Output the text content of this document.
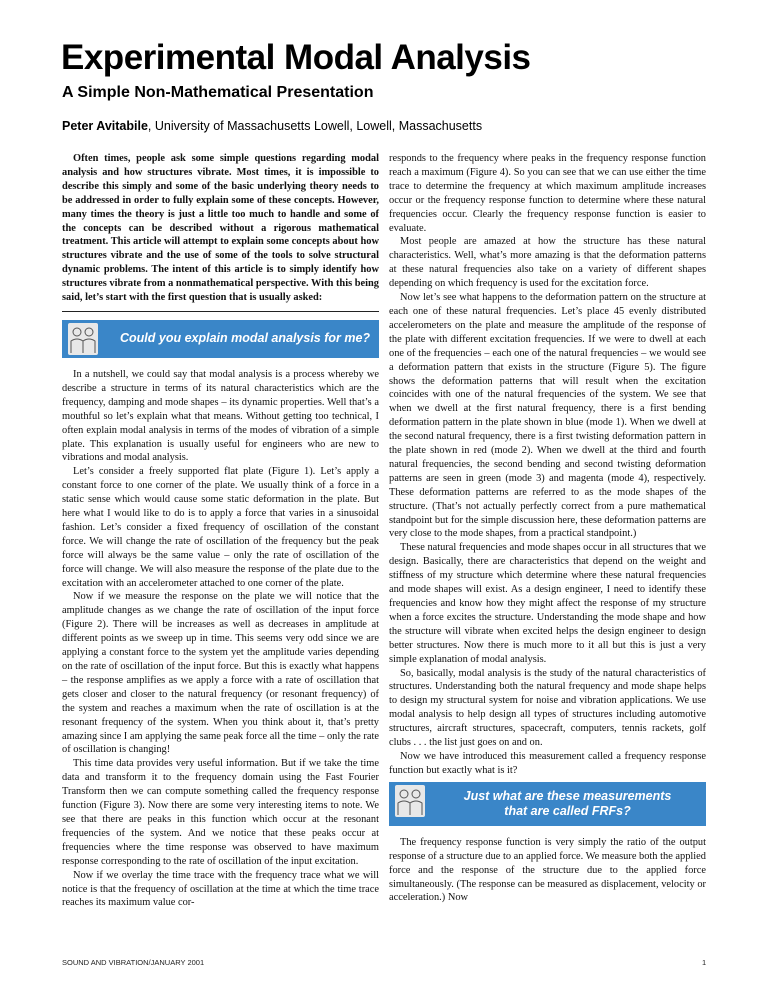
Experimental Modal Analysis
A Simple Non-Mathematical Presentation
Peter Avitabile, University of Massachusetts Lowell, Lowell, Massachusetts

Often times, people ask some simple questions regarding modal analysis and how structures vibrate. Most times, it is impossible to describe this simply and some of the basic underlying theory needs to be addressed in order to fully explain some of these concepts. However, many times the theory is just a little too much to handle and some of the concepts can be described without a rigorous mathematical treatment. This article will attempt to explain some concepts about how structures vibrate and the use of some of the tools to solve structural dynamic problems. The intent of this article is to simply identify how structures vibrate from a nonmathematical perspective. With this being said, let’s start with the first question that is usually asked:

Could you explain modal analysis for me?

In a nutshell, we could say that modal analysis is a process whereby we describe a structure in terms of its natural characteristics which are the frequency, damping and mode shapes – its dynamic properties. Well that’s a mouthful so let’s explain what that means. Without getting too technical, I often explain modal analysis in terms of the modes of vibration of a simple plate. This explanation is usually useful for engineers who are new to vibrations and modal analysis.

Let’s consider a freely supported flat plate (Figure 1). Let’s apply a constant force to one corner of the plate. We usually think of a force in a static sense which would cause some static deformation in the plate. But here what I would like to do is to apply a force that varies in a sinusoidal fashion. Let’s consider a fixed frequency of oscillation of the constant force. We will change the rate of oscillation of the frequency but the peak force will always be the same value – only the rate of oscillation of the force will change. We will also measure the response of the plate due to the excitation with an accelerometer attached to one corner of the plate.

Now if we measure the response on the plate we will notice that the amplitude changes as we change the rate of oscillation of the input force (Figure 2). There will be increases as well as decreases in amplitude at different points as we sweep up in time. This seems very odd since we are applying a constant force to the system yet the amplitude varies depending on the rate of oscillation of the input force. But this is exactly what happens – the response amplifies as we apply a force with a rate of oscillation that gets closer and closer to the natural frequency (or resonant frequency) of the system and reaches a maximum when the rate of oscillation is at the resonant frequency of the system. When you think about it, that’s pretty amazing since I am applying the same peak force all the time – only the rate of oscillation is changing!

This time data provides very useful information. But if we take the time data and transform it to the frequency domain using the Fast Fourier Transform then we can compute something called the frequency response function (Figure 3). Now there are some very interesting items to note. We see that there are peaks in this function which occur at the resonant frequencies of the system. And we notice that these peaks occur at frequencies where the time response was observed to have maximum response corresponding to the rate of oscillation of the input excitation.

Now if we overlay the time trace with the frequency trace what we will notice is that the frequency of oscillation at the time at which the time trace reaches its maximum value cor-

responds to the frequency where peaks in the frequency response function reach a maximum (Figure 4). So you can see that we can use either the time trace to determine the frequency at which maximum amplitude increases occur or the frequency response function to determine where these natural frequencies occur. Clearly the frequency response function is easier to evaluate.

Most people are amazed at how the structure has these natural characteristics. Well, what’s more amazing is that the deformation patterns at these natural frequencies also take on a variety of different shapes depending on which frequency is used for the excitation force.

Now let’s see what happens to the deformation pattern on the structure at each one of these natural frequencies. Let’s place 45 evenly distributed accelerometers on the plate and measure the amplitude of the response of the plate with different excitation frequencies. If we were to dwell at each one of the frequencies – each one of the natural frequencies – we would see a deformation pattern that exists in the structure (Figure 5). The figure shows the deformation patterns that will result when the excitation coincides with one of the natural frequencies of the system. We see that when we dwell at the first natural frequency, there is a first bending deformation pattern in the plate shown in blue (mode 1). When we dwell at the second natural frequency, there is a first twisting deformation pattern in the plate shown in red (mode 2). When we dwell at the third and fourth natural frequencies, the second bending and second twisting deformation patterns are seen in green (mode 3) and magenta (mode 4), respectively. These deformation patterns are referred to as the mode shapes of the structure. (That’s not actually perfectly correct from a pure mathematical standpoint but for the simple discussion here, these deformation patterns are very close to the mode shapes, from a practical standpoint.)

These natural frequencies and mode shapes occur in all structures that we design. Basically, there are characteristics that depend on the weight and stiffness of my structure which determine where these natural frequencies and mode shapes will exist. As a design engineer, I need to identify these frequencies and know how they might affect the response of my structure when a force excites the structure. Understanding the mode shape and how the structure will vibrate when excited helps the design engineer to design better structures. Now there is much more to it all but this is just a very simple explanation of modal analysis.

So, basically, modal analysis is the study of the natural characteristics of structures. Understanding both the natural frequency and mode shape helps to design my structural system for noise and vibration applications. We use modal analysis to help design all types of structures including automotive structures, aircraft structures, spacecraft, computers, tennis rackets, golf clubs . . . the list just goes on and on.

Now we have introduced this measurement called a frequency response function but exactly what is it?

Just what are these measurements
that are called FRFs?

The frequency response function is very simply the ratio of the output response of a structure due to an applied force. We measure both the applied force and the response of the structure due to the applied force simultaneously. (The response can be measured as displacement, velocity or acceleration.) Now

SOUND AND VIBRATION/JANUARY 2001	1
